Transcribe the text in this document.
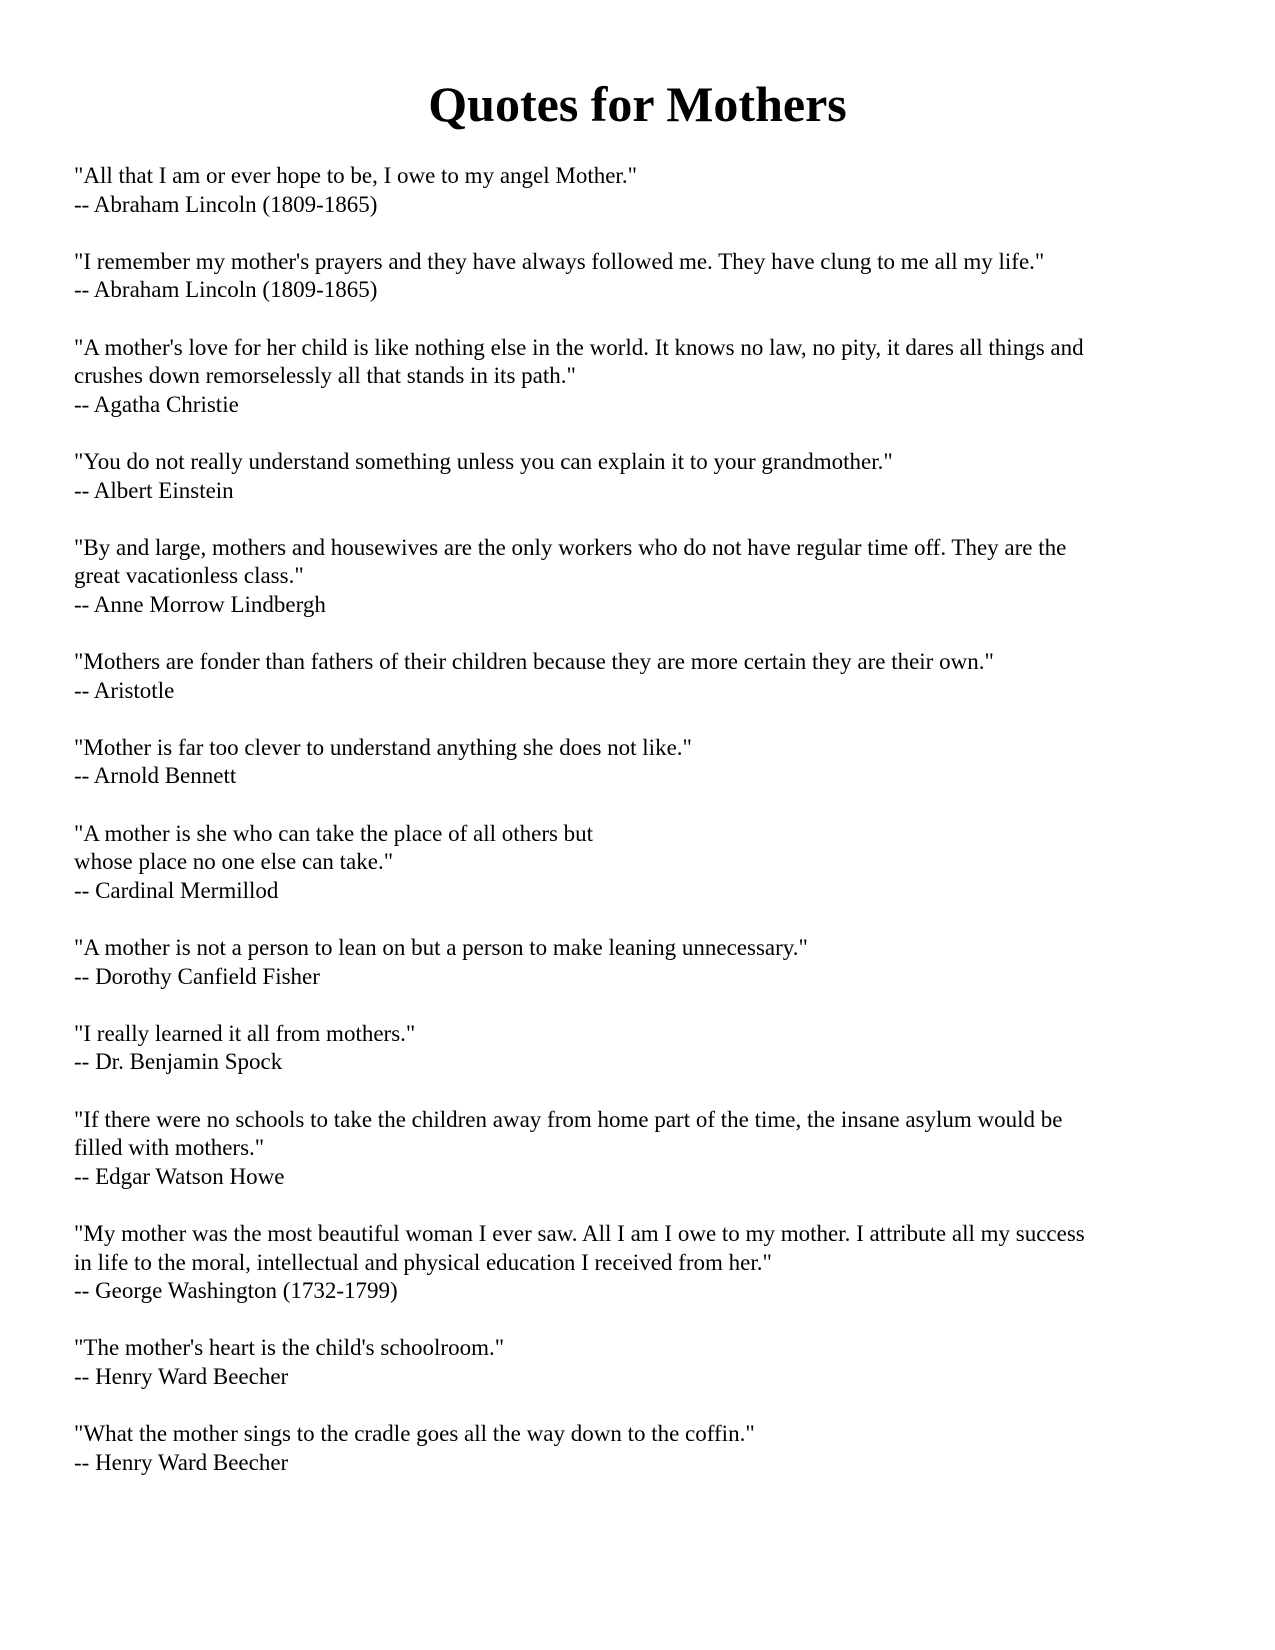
Quotes for Mothers
"All that I am or ever hope to be, I owe to my angel Mother."
-- Abraham Lincoln (1809-1865)
"I remember my mother's prayers and they have always followed me. They have clung to me all my life."
-- Abraham Lincoln (1809-1865)
"A mother's love for her child is like nothing else in the world. It knows no law, no pity, it dares all things and
crushes down remorselessly all that stands in its path."
-- Agatha Christie
"You do not really understand something unless you can explain it to your grandmother."
-- Albert Einstein
"By and large, mothers and housewives are the only workers who do not have regular time off. They are the
great vacationless class."
-- Anne Morrow Lindbergh
"Mothers are fonder than fathers of their children because they are more certain they are their own."
-- Aristotle
"Mother is far too clever to understand anything she does not like."
-- Arnold Bennett
"A mother is she who can take the place of all others but
whose place no one else can take."
-- Cardinal Mermillod
"A mother is not a person to lean on but a person to make leaning unnecessary."
-- Dorothy Canfield Fisher
"I really learned it all from mothers."
-- Dr. Benjamin Spock
"If there were no schools to take the children away from home part of the time, the insane asylum would be
filled with mothers."
-- Edgar Watson Howe
"My mother was the most beautiful woman I ever saw. All I am I owe to my mother. I attribute all my success
in life to the moral, intellectual and physical education I received from her."
-- George Washington (1732-1799)
"The mother's heart is the child's schoolroom."
-- Henry Ward Beecher
"What the mother sings to the cradle goes all the way down to the coffin."
-- Henry Ward Beecher
